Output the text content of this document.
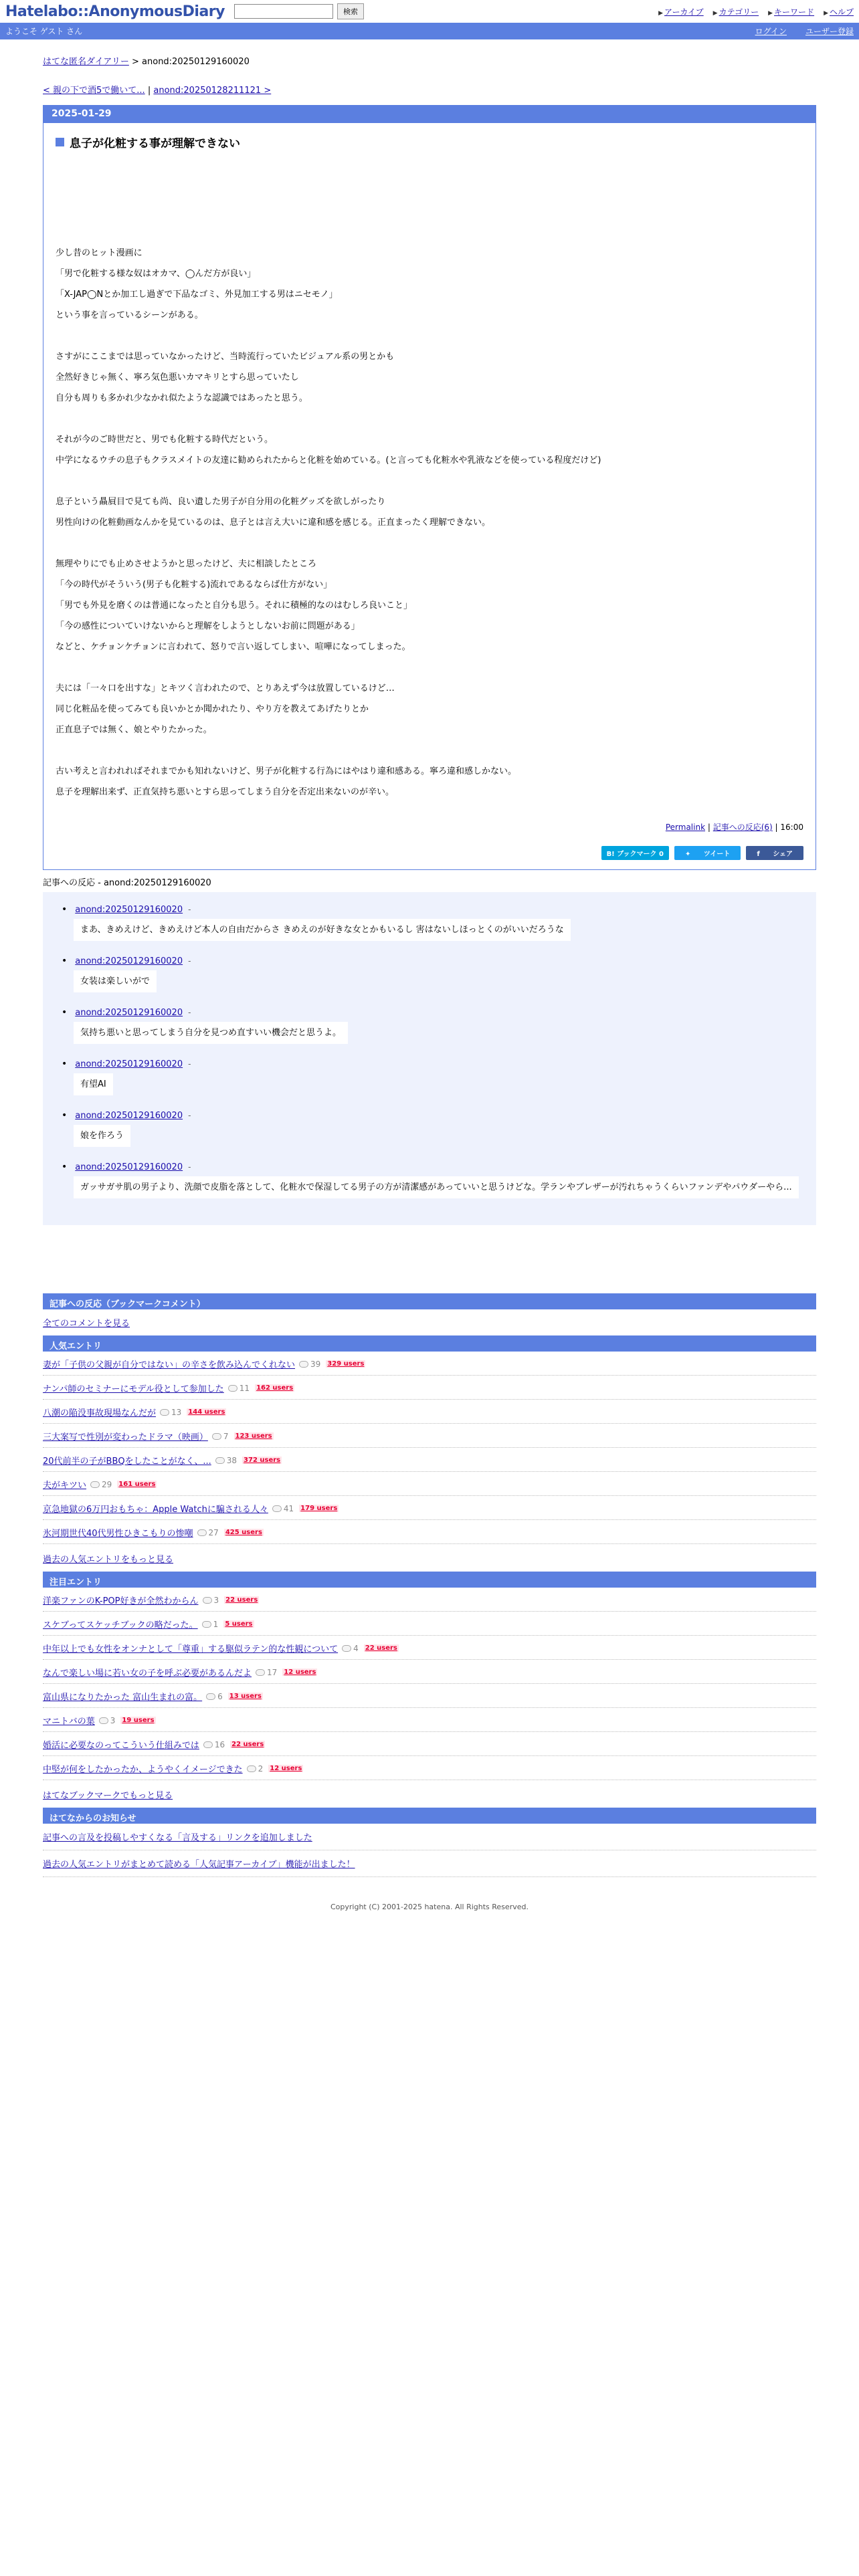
Hatelabo::AnonymousDiary	検索	▶ アーカイブ ▶ カテゴリー ▶ キーワード ▶ ヘルプ
ようこそ ゲスト さん	ログイン ユーザー登録
はてな匿名ダイアリー > anond:20250129160020
< 親の下で酒5で働いて... | anond:20250128211121 >
2025-01-29
息子が化粧する事が理解できない

少し昔のヒット漫画に

「男で化粧する様な奴はオカマ、◯んだ方が良い」

「X-JAP◯Nとか加工し過ぎで下品なゴミ、外見加工する男はニセモノ」

という事を言っているシーンがある。

さすがにここまでは思っていなかったけど、当時流行っていたビジュアル系の男とかも

全然好きじゃ無く、寧ろ気色悪いカマキリとすら思っていたし

自分も周りも多かれ少なかれ似たような認識ではあったと思う。

それが今のご時世だと、男でも化粧する時代だという。

中学になるウチの息子もクラスメイトの友達に勧められたからと化粧を始めている。(と言っても化粧水や乳液などを使っている程度だけど)

息子という贔屓目で見ても尚、良い遺した男子が自分用の化粧グッズを欲しがったり

男性向けの化粧動画なんかを見ているのは、息子とは言え大いに違和感を感じる。正直まったく理解できない。

無理やりにでも止めさせようかと思ったけど、夫に相談したところ

「今の時代がそういう(男子も化粧する)流れであるならば仕方がない」

「男でも外見を磨くのは普通になったと自分も思う。それに積極的なのはむしろ良いこと」

「今の感性についていけないからと理解をしようとしないお前に問題がある」

などと、ケチョンケチョンに言われて、怒りで言い返してしまい、喧嘩になってしまった。

夫には「一々口を出すな」とキツく言われたので、とりあえず今は放置しているけど…

同じ化粧品を使ってみても良いかとか聞かれたり、やり方を教えてあげたりとか

正直息子では無く、娘とやりたかった。

古い考えと言われればそれまでかも知れないけど、男子が化粧する行為にはやはり違和感ある。寧ろ違和感しかない。

息子を理解出来ず、正直気持ち悪いとすら思ってしまう自分を否定出来ないのが辛い。

Permalink | 記事への反応(6) | 16:00
B! ブックマーク 0	✦ ツイート	f シェア
記事への反応 - anond:20250129160020
• anond:20250129160020 -
まあ、きめえけど、きめえけど本人の自由だからさ きめえのが好きな女とかもいるし 害はないしほっとくのがいいだろうな
• anond:20250129160020 -
女装は楽しいがで
• anond:20250129160020 -
気持ち悪いと思ってしまう自分を見つめ直すいい機会だと思うよ。
• anond:20250129160020 -
有望AI
• anond:20250129160020 -
娘を作ろう
• anond:20250129160020 -
ガッサガサ肌の男子より、洗顔で皮脂を落として、化粧水で保湿してる男子の方が清潔感があっていいと思うけどな。学ランやブレザーが汚れちゃうくらいファンデやパウダーやら...
記事への反応（ブックマークコメント）
全てのコメントを見る
人気エントリ
妻が「子供の父親が自分ではない」の辛さを飲み込んでくれない 39 329 users
ナンパ師のセミナーにモデル役として参加した 11 162 users
八潮の陥没事故現場なんだが 13 144 users
三大案写で性別が変わったドラマ（映画） 7 123 users
20代前半の子がBBQをしたことがなく、... 38 372 users
夫がキツい 29 161 users
京急地獄の6万円おもちゃ：Apple Watchに騙される人々 41 179 users
氷河期世代40代男性ひきこもりの惨嘲 27 425 users
過去の人気エントリをもっと見る
注目エントリ
洋楽ファンのK-POP好きが全然わからん 3 22 users
スケブってスケッチブックの略だった。 1 5 users
中年以上でも女性をオンナとして「尊重」する駆似ラテン的な性観について 4 22 users
なんで楽しい場に若い女の子を呼ぶ必要があるんだよ 17 12 users
富山県になりたかった 富山生まれの富。 6 13 users
マニトバの葉 3 19 users
婚活に必要なのってこういう仕組みでは 16 22 users
中堅が何をしたかったか、ようやくイメージできた 2 12 users
はてなブックマークでもっと見る
はてなからのお知らせ
記事への言及を投稿しやすくなる「言及する」リンクを追加しました
過去の人気エントリがまとめて読める「人気記事アーカイブ」機能が出ました！
Copyright (C) 2001-2025 hatena. All Rights Reserved.
